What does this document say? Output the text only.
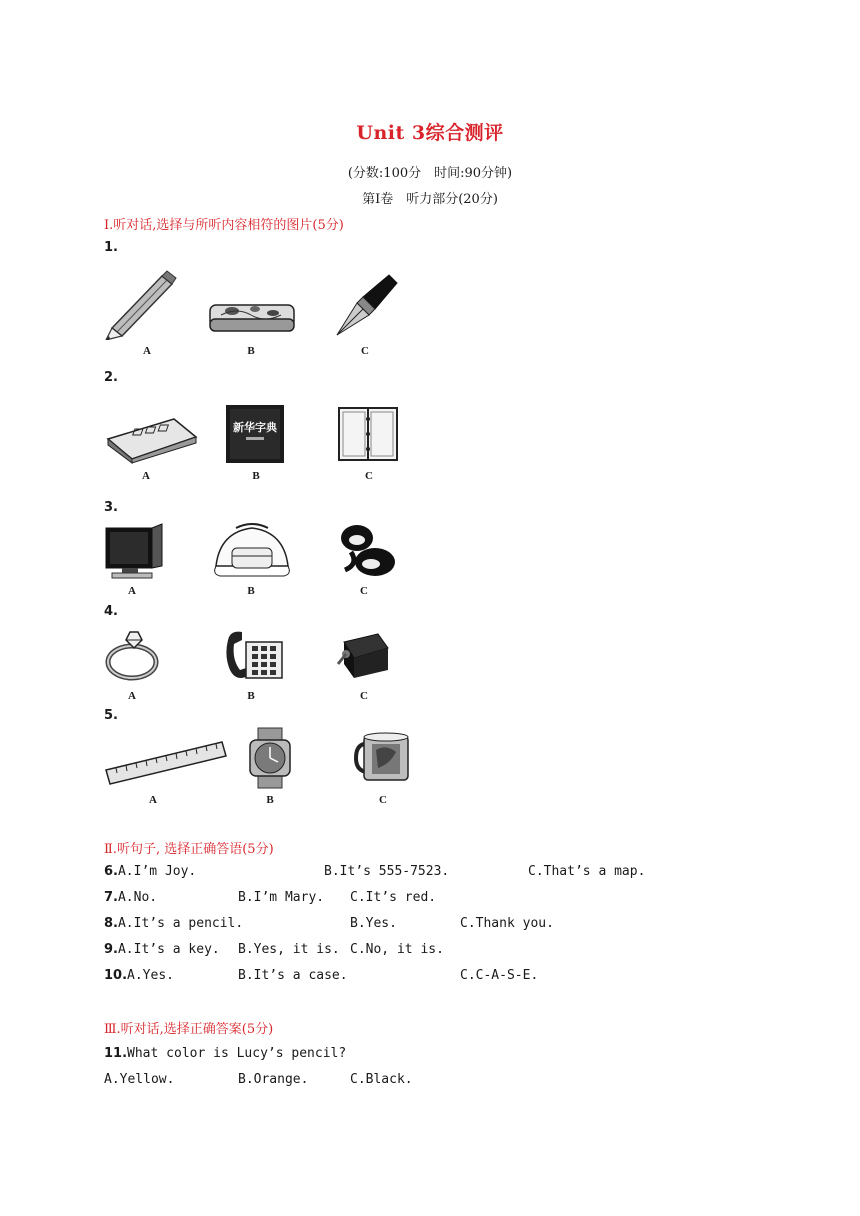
Unit 3综合测评
(分数:100分　时间:90分钟)
第Ⅰ卷　听力部分(20分)
Ⅰ.听对话,选择与所听内容相符的图片(5分)
1.
A	B	C
2.
A
新华字典
B	C
3.
A	B	C
4.
A	B	C
5.
A	B	C
Ⅱ.听句子, 选择正确答语(5分)
6.A.I’m Joy.	B.It’s 555-7523.	C.That’s a map.
7.A.No.	B.I’m Mary. C.It’s red.
8.A.It’s a pencil.	B.Yes.	C.Thank you.
9.A.It’s a key. B.Yes, it is. C.No, it is.
10.A.Yes.	B.It’s a case.	C.C-A-S-E.
Ⅲ.听对话,选择正确答案(5分)
11.What color is Lucy’s pencil?
A.Yellow.	B.Orange.	C.Black.
